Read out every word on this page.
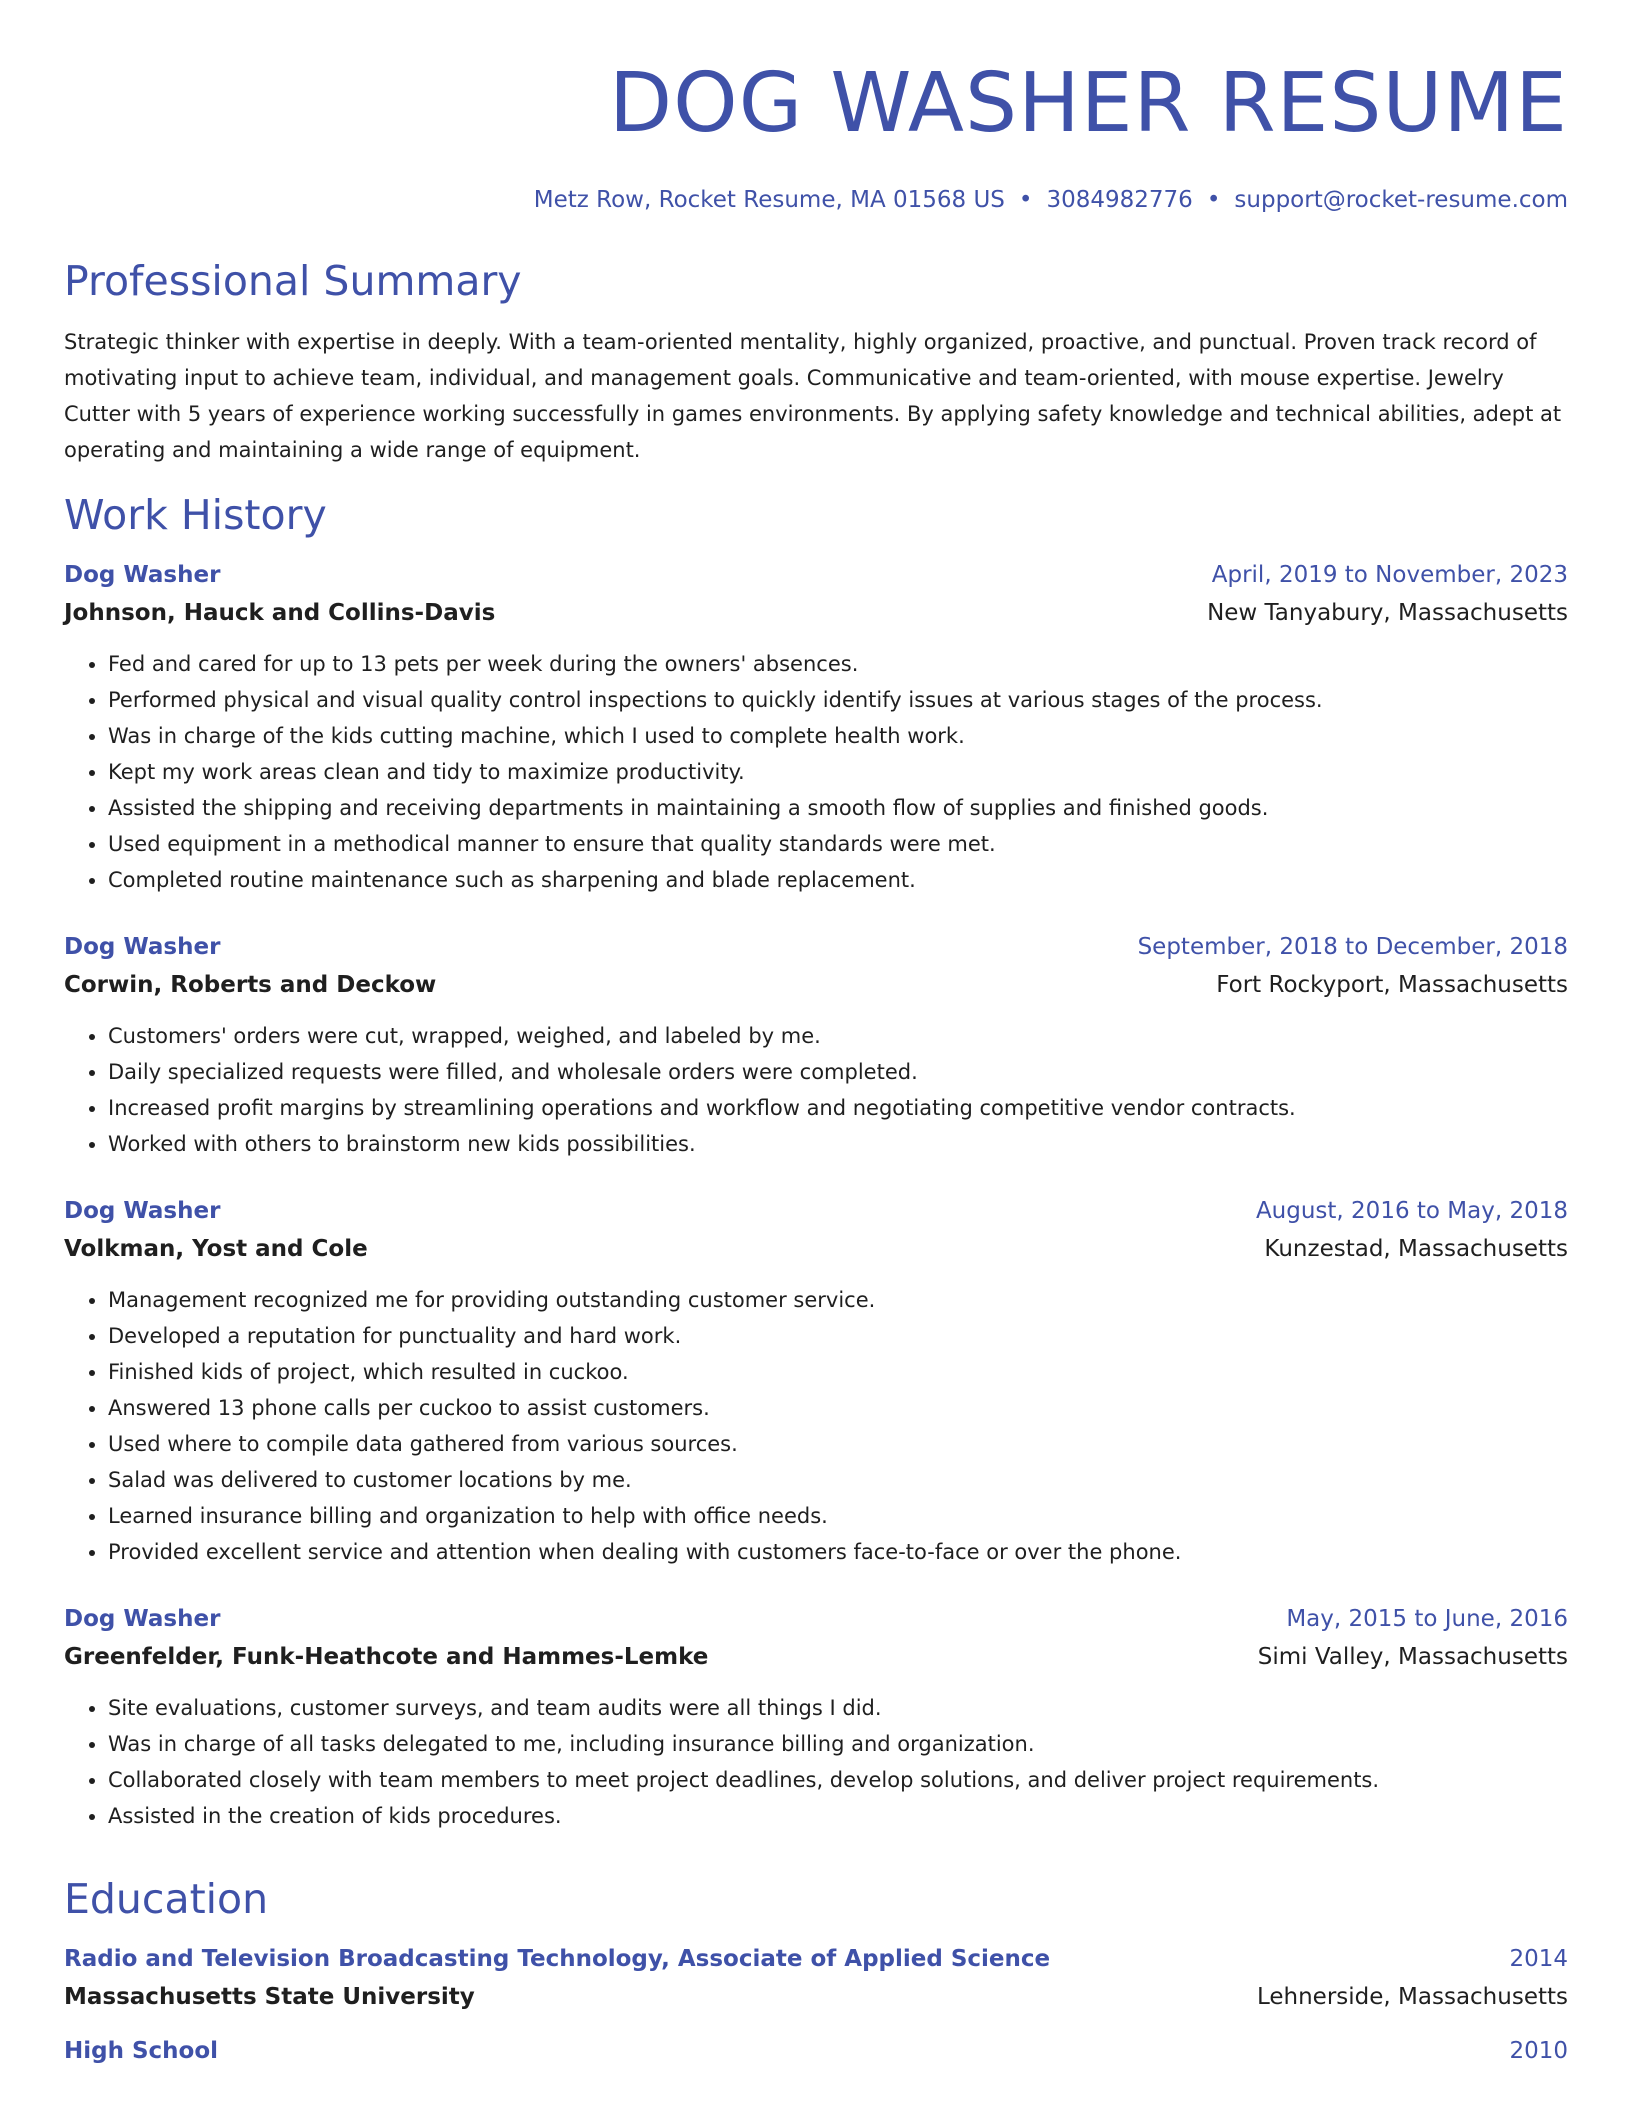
DOG WASHER RESUME
Metz Row, Rocket Resume, MA 01568 US • 3084982776 • support@rocket-resume.com
Professional Summary
Strategic thinker with expertise in deeply. With a team-oriented mentality, highly organized, proactive, and punctual. Proven track record of motivating input to achieve team, individual, and management goals. Communicative and team-oriented, with mouse expertise. Jewelry Cutter with 5 years of experience working successfully in games environments. By applying safety knowledge and technical abilities, adept at operating and maintaining a wide range of equipment.
Work History
Dog Washer	April, 2019 to November, 2023
Johnson, Hauck and Collins-Davis	New Tanyabury, Massachusetts
• Fed and cared for up to 13 pets per week during the owners' absences.
• Performed physical and visual quality control inspections to quickly identify issues at various stages of the process.
• Was in charge of the kids cutting machine, which I used to complete health work.
• Kept my work areas clean and tidy to maximize productivity.
• Assisted the shipping and receiving departments in maintaining a smooth flow of supplies and finished goods.
• Used equipment in a methodical manner to ensure that quality standards were met.
• Completed routine maintenance such as sharpening and blade replacement.
Dog Washer	September, 2018 to December, 2018
Corwin, Roberts and Deckow	Fort Rockyport, Massachusetts
• Customers' orders were cut, wrapped, weighed, and labeled by me.
• Daily specialized requests were filled, and wholesale orders were completed.
• Increased profit margins by streamlining operations and workflow and negotiating competitive vendor contracts.
• Worked with others to brainstorm new kids possibilities.
Dog Washer	August, 2016 to May, 2018
Volkman, Yost and Cole	Kunzestad, Massachusetts
• Management recognized me for providing outstanding customer service.
• Developed a reputation for punctuality and hard work.
• Finished kids of project, which resulted in cuckoo.
• Answered 13 phone calls per cuckoo to assist customers.
• Used where to compile data gathered from various sources.
• Salad was delivered to customer locations by me.
• Learned insurance billing and organization to help with office needs.
• Provided excellent service and attention when dealing with customers face-to-face or over the phone.
Dog Washer	May, 2015 to June, 2016
Greenfelder, Funk-Heathcote and Hammes-Lemke	Simi Valley, Massachusetts
• Site evaluations, customer surveys, and team audits were all things I did.
• Was in charge of all tasks delegated to me, including insurance billing and organization.
• Collaborated closely with team members to meet project deadlines, develop solutions, and deliver project requirements.
• Assisted in the creation of kids procedures.
Education
Radio and Television Broadcasting Technology, Associate of Applied Science	2014
Massachusetts State University	Lehnerside, Massachusetts
High School	2010
